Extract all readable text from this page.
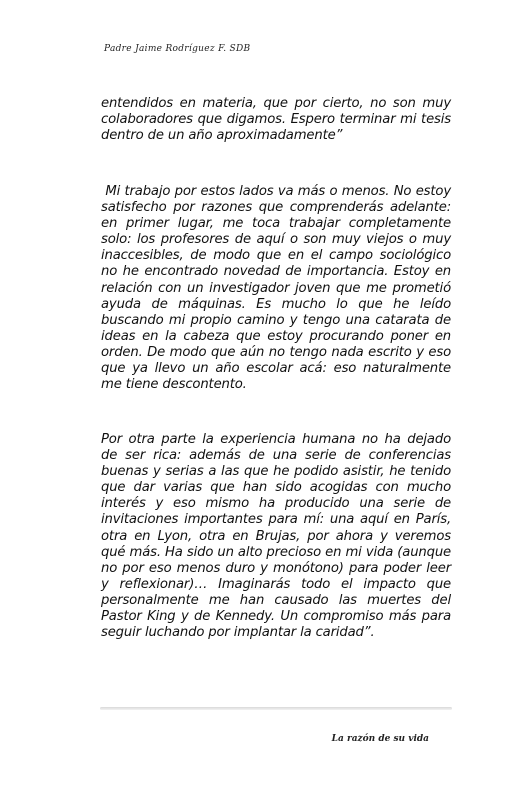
Padre Jaime Rodríguez F. SDB

entendidos en materia, que por cierto, no son muy colaboradores que digamos. Espero terminar mi tesis dentro de un año aproximadamente”

Mi trabajo por estos lados va más o menos. No estoy satisfecho por razones que comprenderás adelante: en primer lugar, me toca trabajar completamente solo: los profesores de aquí o son muy viejos o muy inaccesibles, de modo que en el campo sociológico no he encontrado novedad de importancia. Estoy en relación con un investigador joven que me prometió ayuda de máquinas. Es mucho lo que he leído buscando mi propio camino y tengo una catarata de ideas en la cabeza que estoy procurando poner en orden. De modo que aún no tengo nada escrito y eso que ya llevo un año escolar acá: eso naturalmente me tiene descontento.

Por otra parte la experiencia humana no ha dejado de ser rica: además de una serie de conferencias buenas y serias a las que he podido asistir, he tenido que dar varias que han sido acogidas con mucho interés y eso mismo ha producido una serie de invitaciones importantes para mí: una aquí en París, otra en Lyon, otra en Brujas, por ahora y veremos qué más. Ha sido un alto precioso en mi vida (aunque no por eso menos duro y monótono) para poder leer y reflexionar)… Imaginarás todo el impacto que personalmente me han causado las muertes del Pastor King y de Kennedy. Un compromiso más para seguir luchando por implantar la caridad”.

La razón de su vida
